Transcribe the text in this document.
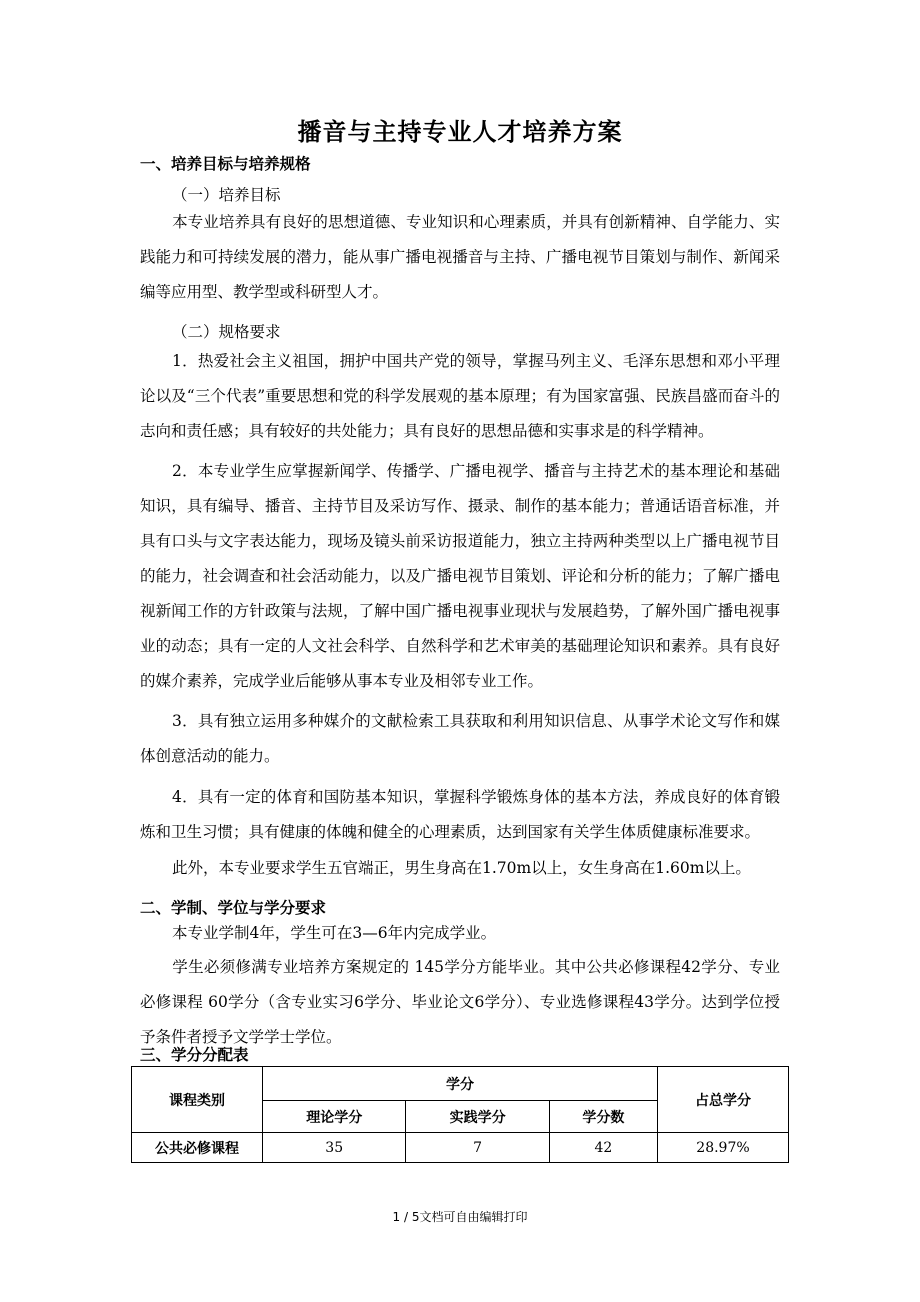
播音与主持专业人才培养方案
一、培养目标与培养规格
（一）培养目标
本专业培养具有良好的思想道德、专业知识和心理素质，并具有创新精神、自学能力、实践能力和可持续发展的潜力，能从事广播电视播音与主持、广播电视节目策划与制作、新闻采编等应用型、教学型或科研型人才。
（二）规格要求
1．热爱社会主义祖国，拥护中国共产党的领导，掌握马列主义、毛泽东思想和邓小平理论以及“三个代表”重要思想和党的科学发展观的基本原理；有为国家富强、民族昌盛而奋斗的志向和责任感；具有较好的共处能力；具有良好的思想品德和实事求是的科学精神。
2．本专业学生应掌握新闻学、传播学、广播电视学、播音与主持艺术的基本理论和基础知识，具有编导、播音、主持节目及采访写作、摄录、制作的基本能力；普通话语音标准，并具有口头与文字表达能力，现场及镜头前采访报道能力，独立主持两种类型以上广播电视节目的能力，社会调查和社会活动能力，以及广播电视节目策划、评论和分析的能力；了解广播电视新闻工作的方针政策与法规，了解中国广播电视事业现状与发展趋势，了解外国广播电视事业的动态；具有一定的人文社会科学、自然科学和艺术审美的基础理论知识和素养。具有良好的媒介素养，完成学业后能够从事本专业及相邻专业工作。
3．具有独立运用多种媒介的文献检索工具获取和利用知识信息、从事学术论文写作和媒体创意活动的能力。
4．具有一定的体育和国防基本知识，掌握科学锻炼身体的基本方法，养成良好的体育锻炼和卫生习惯；具有健康的体魄和健全的心理素质，达到国家有关学生体质健康标准要求。
此外，本专业要求学生五官端正，男生身高在1.70m以上，女生身高在1.60m以上。
二、学制、学位与学分要求
本专业学制4年，学生可在3—6年内完成学业。
学生必须修满专业培养方案规定的 145学分方能毕业。其中公共必修课程42学分、专业必修课程 60学分（含专业实习6学分、毕业论文6学分）、专业选修课程43学分。达到学位授予条件者授予文学学士学位。
三、学分分配表
课程类别	学分			占总学分
	理论学分	实践学分	学分数	
公共必修课程	35	7	42	28.97%
1 / 5文档可自由编辑打印
